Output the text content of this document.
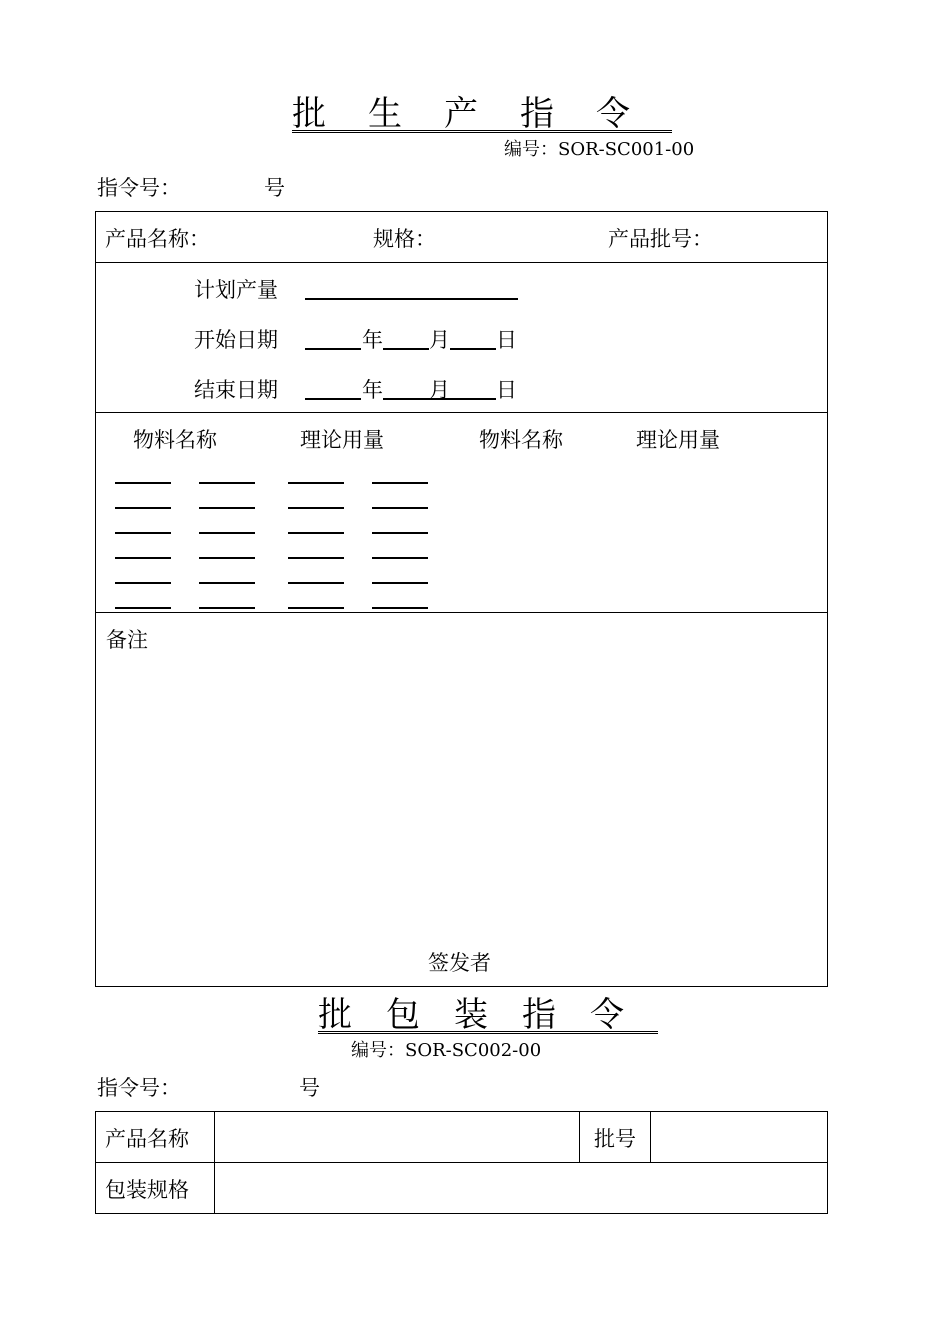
批生产指令
编号：SOR-SC001-00
指令号：	号
产品名称：	规格：	产品批号：
计划产量
开始日期	年 月 日
结束日期	年 月 日
物料名称	理论用量	物料名称	理论用量
备注
签发者
批包装指令
编号：SOR-SC002-00
指令号：	号
产品名称	批号
包装规格
